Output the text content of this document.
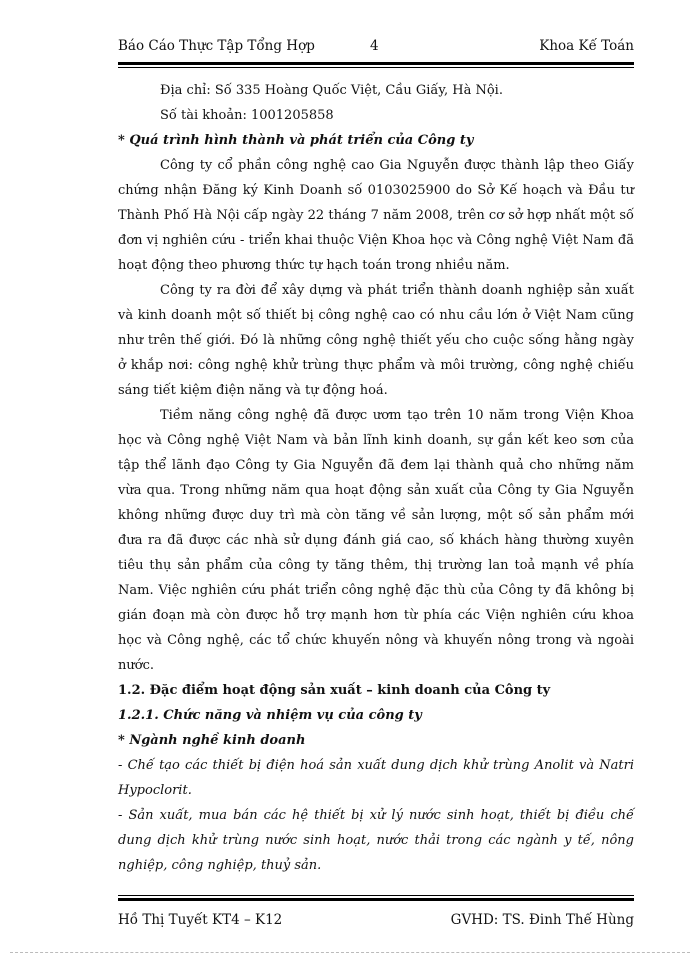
Báo Cáo Thực Tập Tổng Hợp	4	Khoa Kế Toán

Địa chỉ: Số 335 Hoàng Quốc Việt, Cầu Giấy, Hà Nội.

Số tài khoản: 1001205858

* Quá trình hình thành và phát triển của Công ty

Công ty cổ phần công nghệ cao Gia Nguyễn được thành lập theo Giấy chứng nhận Đăng ký Kinh Doanh số 0103025900 do Sở Kế hoạch và Đầu tư Thành Phố Hà Nội cấp ngày 22 tháng 7 năm 2008, trên cơ sở hợp nhất một số đơn vị nghiên cứu - triển khai thuộc Viện Khoa học và Công nghệ Việt Nam đã hoạt động theo phương thức tự hạch toán trong nhiều năm.

Công ty ra đời để xây dựng và phát triển thành doanh nghiệp sản xuất và kinh doanh một số thiết bị công nghệ cao có nhu cầu lớn ở Việt Nam cũng như trên thế giới. Đó là những công nghệ thiết yếu cho cuộc sống hằng ngày ở khắp nơi: công nghệ khử trùng thực phẩm và môi trường, công nghệ chiếu sáng tiết kiệm điện năng và tự động hoá.

Tiềm năng công nghệ đã được ươm tạo trên 10 năm trong Viện Khoa học và Công nghệ Việt Nam và bản lĩnh kinh doanh, sự gắn kết keo sơn của tập thể lãnh đạo Công ty Gia Nguyễn đã đem lại thành quả cho những năm vừa qua. Trong những năm qua hoạt động sản xuất của Công ty Gia Nguyễn không những được duy trì mà còn tăng về sản lượng, một số sản phẩm mới đưa ra đã được các nhà sử dụng đánh giá cao, số khách hàng thường xuyên tiêu thụ sản phẩm của công ty tăng thêm, thị trường lan toả mạnh về phía Nam. Việc nghiên cứu phát triển công nghệ đặc thù của Công ty đã không bị gián đoạn mà còn được hỗ trợ mạnh hơn từ phía các Viện nghiên cứu khoa học và Công nghệ, các tổ chức khuyến nông và khuyến nông trong và ngoài nước.

1.2. Đặc điểm hoạt động sản xuất – kinh doanh của Công ty

1.2.1. Chức năng và nhiệm vụ của công ty

* Ngành nghề kinh doanh

- Chế tạo các thiết bị điện hoá sản xuất dung dịch khử trùng Anolit và Natri Hypoclorit.

- Sản xuất, mua bán các hệ thiết bị xử lý nước sinh hoạt, thiết bị điều chế dung dịch khử trùng nước sinh hoạt, nước thải trong các ngành y tế, nông nghiệp, công nghiệp, thuỷ sản.

Hồ Thị Tuyết KT4 – K12	GVHD: TS. Đinh Thế Hùng
